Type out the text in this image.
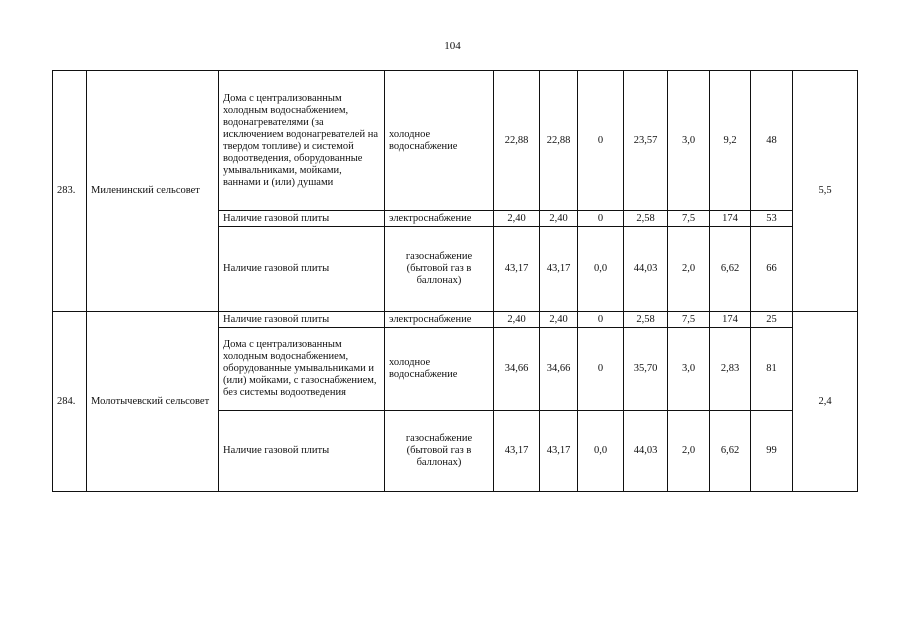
104
283.	Миленинский сельсовет	Дома с централизованным холодным водоснабжением, водонагревателями (за исключением водонагревателей на твердом топливе) и системой водоотведения, оборудованные умывальниками, мойками, ваннами и (или) душами	холодное водоснабжение	22,88	22,88	0	23,57	3,0	9,2	48	5,5
		Наличие газовой плиты	электроснабжение	2,40	2,40	0	2,58	7,5	174	53	
		Наличие газовой плиты	газоснабжение (бытовой газ в баллонах)	43,17	43,17	0,0	44,03	2,0	6,62	66	
284.	Молотычевский сельсовет	Наличие газовой плиты	электроснабжение	2,40	2,40	0	2,58	7,5	174	25	2,4
		Дома с централизованным холодным водоснабжением, оборудованные умывальниками и (или) мойками, с газоснабжением, без системы водоотведения	холодное водоснабжение	34,66	34,66	0	35,70	3,0	2,83	81	
		Наличие газовой плиты	газоснабжение (бытовой газ в баллонах)	43,17	43,17	0,0	44,03	2,0	6,62	99	
